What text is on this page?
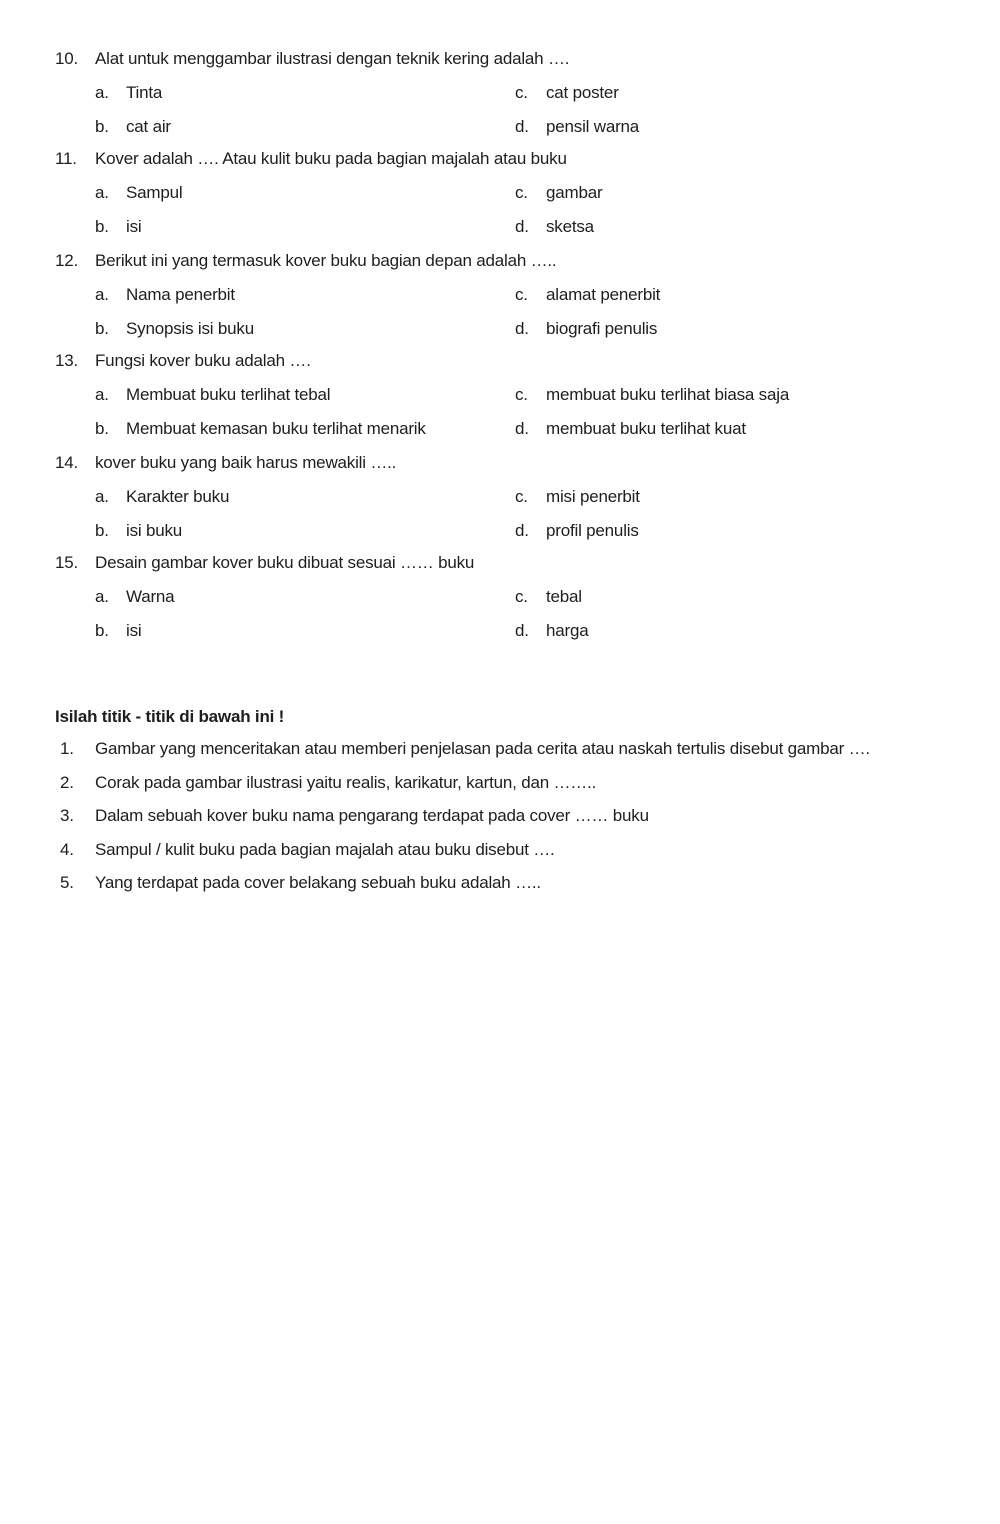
10. Alat untuk menggambar ilustrasi dengan teknik kering adalah ….
a. Tinta	c. cat poster
b. cat air	d. pensil warna
11.	Kover adalah …. Atau kulit buku pada bagian majalah atau buku
a. Sampul	c. gambar
b. isi	d. sketsa
12. Berikut ini yang termasuk kover buku bagian depan adalah …..
a. Nama penerbit	c. alamat penerbit
b. Synopsis isi buku	d. biografi penulis
13. Fungsi kover buku adalah ….
a. Membuat buku terlihat tebal	c. membuat buku terlihat biasa saja
b. Membuat kemasan buku terlihat menarik	d. membuat buku terlihat kuat
14. kover buku yang baik harus mewakili …..
a. Karakter buku	c. misi penerbit
b. isi buku	d. profil penulis
15. Desain gambar kover buku dibuat sesuai …… buku
a. Warna	c. tebal
b. isi	d. harga
Isilah titik - titik di bawah ini !
1. Gambar yang menceritakan atau memberi penjelasan pada cerita atau naskah tertulis disebut gambar ….
2. Corak pada gambar ilustrasi yaitu realis, karikatur, kartun, dan ……..
3. Dalam sebuah kover buku nama pengarang terdapat pada cover …… buku
4. Sampul / kulit buku pada bagian majalah atau buku disebut ….
5. Yang terdapat pada cover belakang sebuah buku adalah …..
